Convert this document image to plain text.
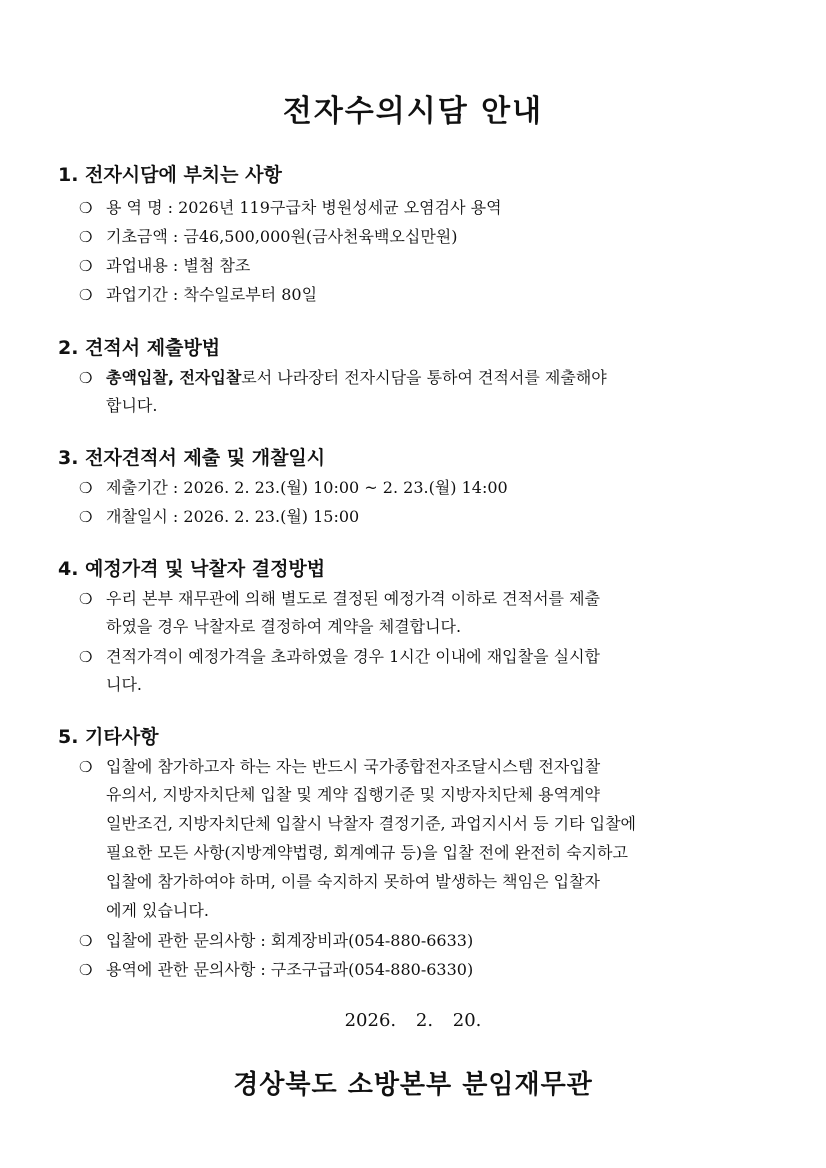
전자수의시담 안내
1. 전자시담에 부치는 사항
❍ 용 역 명 : 2026년 119구급차 병원성세균 오염검사 용역
❍ 기초금액 : 금46,500,000원(금사천육백오십만원)
❍ 과업내용 : 별첨 참조
❍ 과업기간 : 착수일로부터 80일
2. 견적서 제출방법
❍ 총액입찰, 전자입찰로서 나라장터 전자시담을 통하여 견적서를 제출해야
합니다.
3. 전자견적서 제출 및 개찰일시
❍ 제출기간 : 2026. 2. 23.(월) 10:00 ~ 2. 23.(월) 14:00
❍ 개찰일시 : 2026. 2. 23.(월) 15:00
4. 예정가격 및 낙찰자 결정방법
❍ 우리 본부 재무관에 의해 별도로 결정된 예정가격 이하로 견적서를 제출
하였을 경우 낙찰자로 결정하여 계약을 체결합니다.
❍ 견적가격이 예정가격을 초과하였을 경우 1시간 이내에 재입찰을 실시합
니다.
5. 기타사항
❍ 입찰에 참가하고자 하는 자는 반드시 국가종합전자조달시스템 전자입찰
유의서, 지방자치단체 입찰 및 계약 집행기준 및 지방자치단체 용역계약
일반조건, 지방자치단체 입찰시 낙찰자 결정기준, 과업지시서 등 기타 입찰에
필요한 모든 사항(지방계약법령, 회계예규 등)을 입찰 전에 완전히 숙지하고
입찰에 참가하여야 하며, 이를 숙지하지 못하여 발생하는 책임은 입찰자
에게 있습니다.
❍ 입찰에 관한 문의사항 : 회계장비과(054-880-6633)
❍ 용역에 관한 문의사항 : 구조구급과(054-880-6330)
2026. 2. 20.
경상북도 소방본부 분임재무관
